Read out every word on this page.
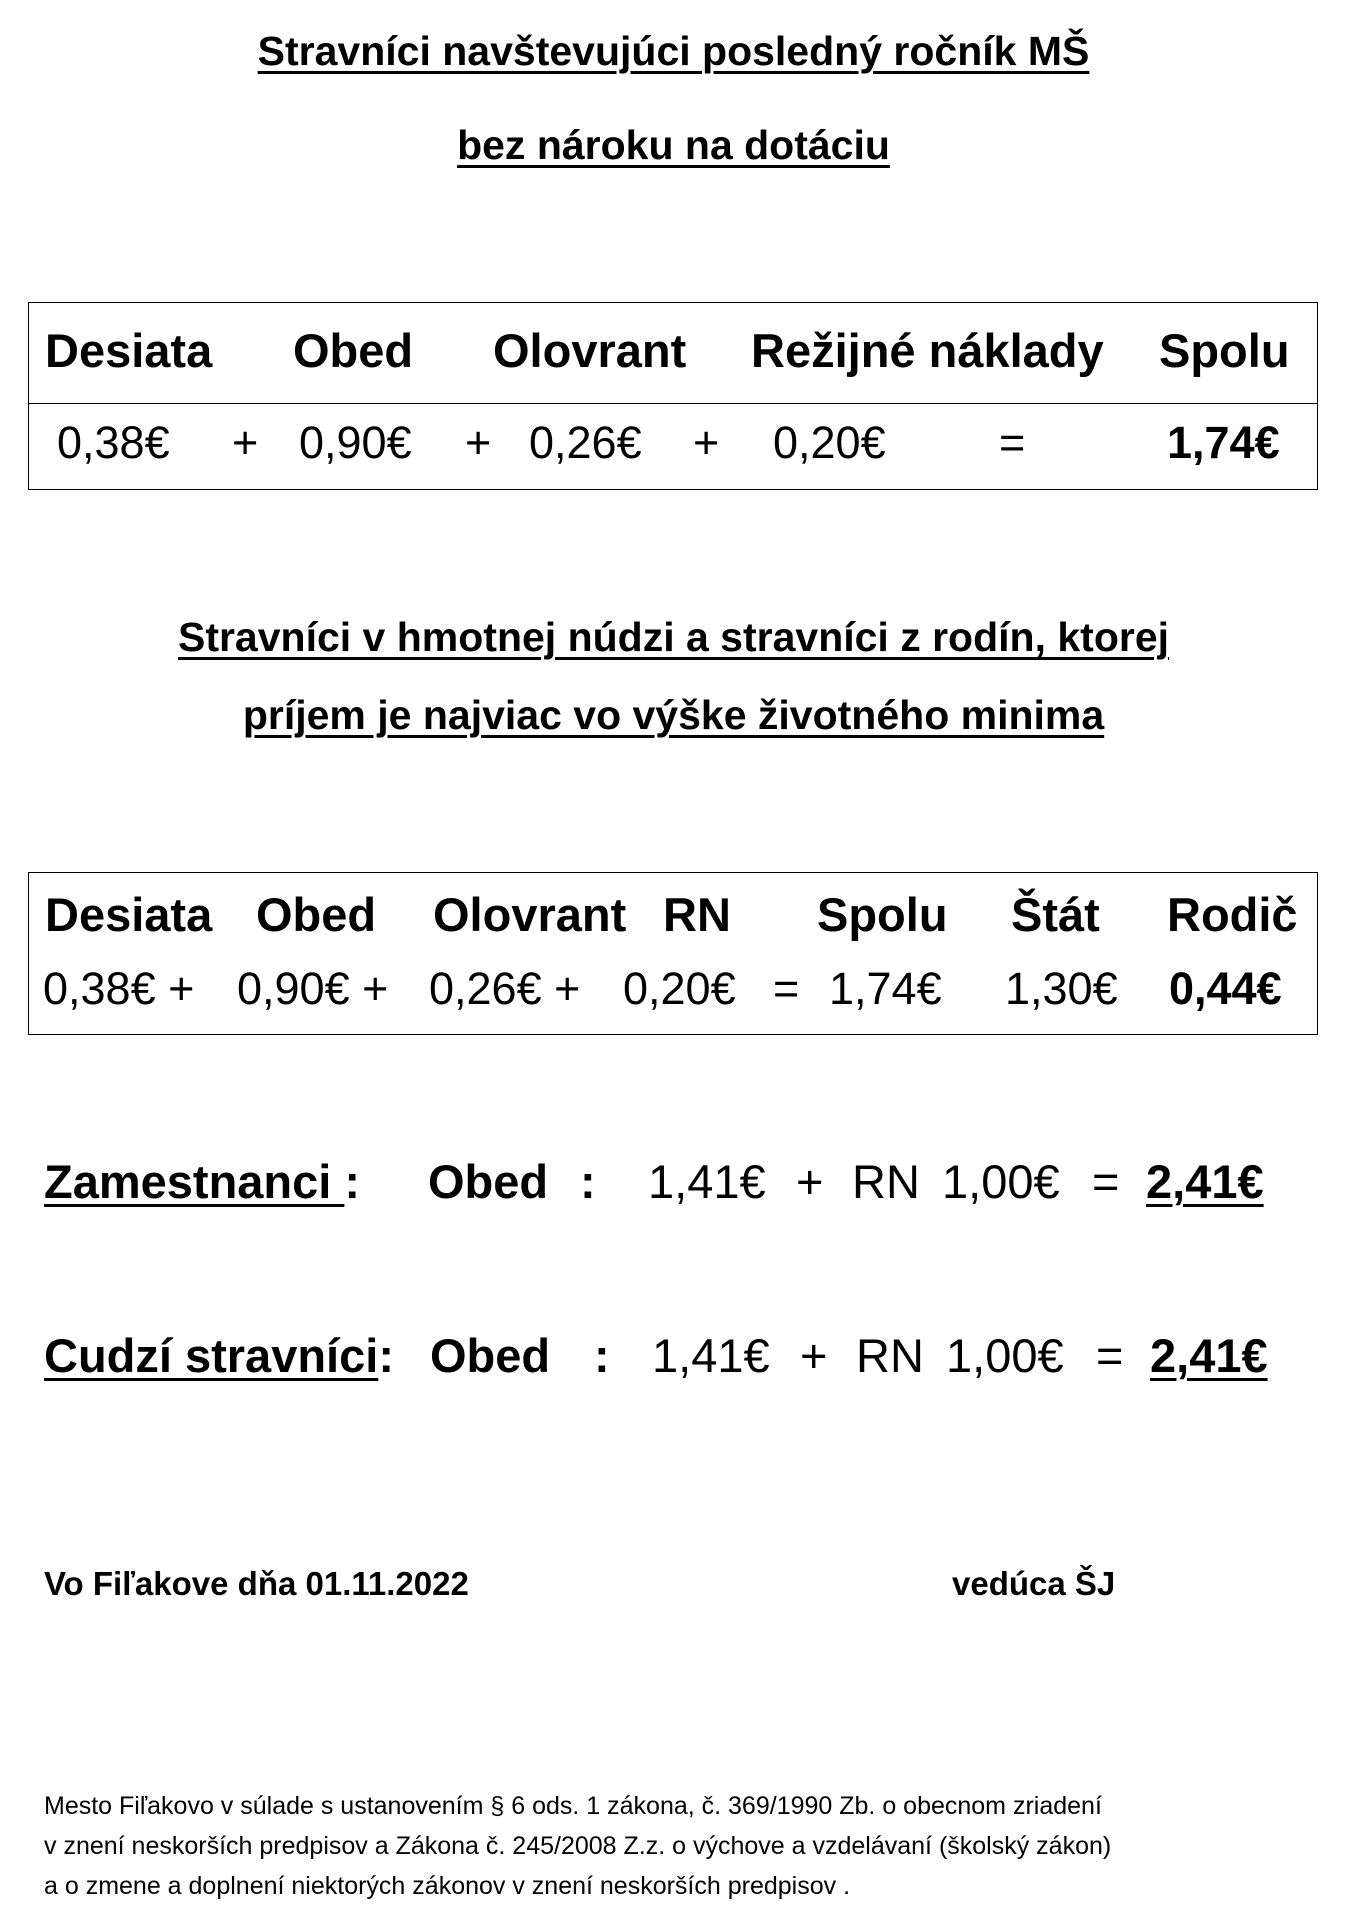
Stravníci navštevujúci posledný ročník MŠ
bez nároku na dotáciu
Desiata Obed Olovrant Režijné náklady Spolu
0,38€ + 0,90€ + 0,26€ + 0,20€	=	1,74€
Stravníci v hmotnej núdzi a stravníci z rodín, ktorej
príjem je najviac vo výške životného minima
Desiata Obed Olovrant RN Spolu Štát Rodič
0,38€ + 0,90€ + 0,26€ + 0,20€ = 1,74€ 1,30€ 0,44€
Zamestnanci : Obed : 1,41€ + RN 1,00€ = 2,41€
Cudzí stravníci: Obed : 1,41€ + RN 1,00€ = 2,41€
Vo Fiľakove dňa 01.11.2022	vedúca ŠJ
Mesto Fiľakovo v súlade s ustanovením § 6 ods. 1 zákona, č. 369/1990 Zb. o obecnom zriadení
v znení neskorších predpisov a Zákona č. 245/2008 Z.z. o výchove a vzdelávaní (školský zákon)
a o zmene a doplnení niektorých zákonov v znení neskorších predpisov .
